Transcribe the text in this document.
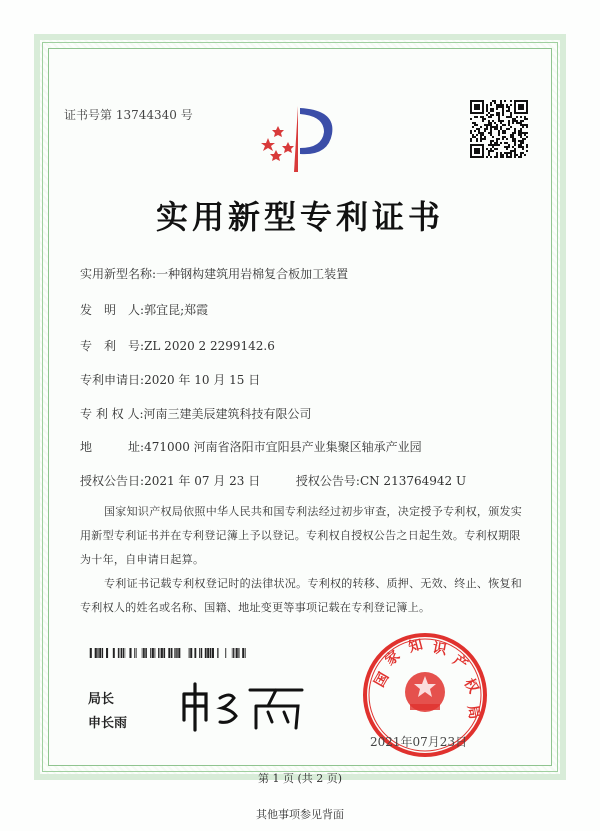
证书号第 13744340 号
实用新型专利证书
实用新型名称:一种钢构建筑用岩棉复合板加工装置
发　明　人:郭宜昆;郑霞
专　利　号:ZL 2020 2 2299142.6
专利申请日:2020 年 10 月 15 日
专 利 权 人:河南三建美辰建筑科技有限公司
地　　　址:471000 河南省洛阳市宜阳县产业集聚区轴承产业园
授权公告日:2021 年 07 月 23 日	授权公告号:CN 213764942 U
国家知识产权局依照中华人民共和国专利法经过初步审查，决定授予专利权，颁发实用新型专利证书并在专利登记簿上予以登记。专利权自授权公告之日起生效。专利权期限为十年，自申请日起算。
专利证书记载专利权登记时的法律状况。专利权的转移、质押、无效、终止、恢复和专利权人的姓名或名称、国籍、地址变更等事项记载在专利登记簿上。
局长
申长雨
国
家
知 识
产
权
局
2021年07月23日
第 1 页 (共 2 页)
其他事项参见背面
